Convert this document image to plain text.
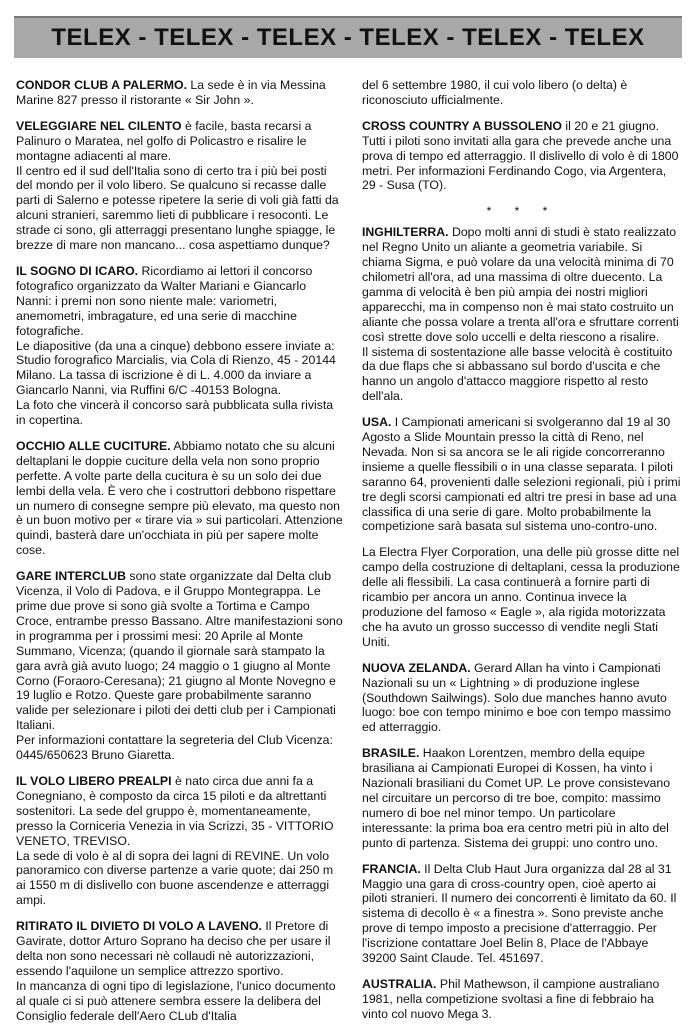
TELEX - TELEX - TELEX - TELEX - TELEX - TELEX

CONDOR CLUB A PALERMO. La sede è in via Messina Marine 827 presso il ristorante « Sir John ».

VELEGGIARE NEL CILENTO è facile, basta recarsi a Palinuro o Maratea, nel golfo di Policastro e risalire le montagne adiacenti al mare.

Il centro ed il sud dell'Italia sono di certo tra i più bei posti del mondo per il volo libero. Se qualcuno si recasse dalle parti di Salerno e potesse ripetere la serie di voli già fatti da alcuni stranieri, saremmo lieti di pubblicare i resoconti. Le strade ci sono, gli atterraggi presentano lunghe spiagge, le brezze di mare non mancano... cosa aspettiamo dunque?

IL SOGNO DI ICARO. Ricordiamo ai lettori il concorso fotografico organizzato da Walter Mariani e Giancarlo Nanni: i premi non sono niente male: variometri, anemometri, imbragature, ed una serie di macchine fotografiche.

Le diapositive (da una a cinque) debbono essere inviate a: Studio forografico Marcialis, via Cola di Rienzo, 45 - 20144 Milano. La tassa di iscrizione è di L. 4.000 da inviare a Giancarlo Nanni, via Ruffini 6/C -40153 Bologna.

La foto che vincerà il concorso sarà pubblicata sulla rivista in copertina.

OCCHIO ALLE CUCITURE. Abbiamo notato che su alcuni deltaplani le doppie cuciture della vela non sono proprio perfette. A volte parte della cucitura è su un solo dei due lembi della vela. È vero che i costruttori debbono rispettare un numero di consegne sempre più elevato, ma questo non è un buon motivo per « tirare via » sui particolari. Attenzione quindi, basterà dare un'occhiata in più per sapere molte cose.

GARE INTERCLUB sono state organizzate dal Delta club Vicenza, il Volo di Padova, e il Gruppo Montegrappa. Le prime due prove si sono già svolte a Tortima e Campo Croce, entrambe presso Bassano. Altre manifestazioni sono in programma per i prossimi mesi: 20 Aprile al Monte Summano, Vicenza; (quando il giornale sarà stampato la gara avrà già avuto luogo; 24 maggio o 1 giugno al Monte Corno (Foraoro-Ceresana); 21 giugno al Monte Novegno e 19 luglio e Rotzo. Queste gare probabilmente saranno valide per selezionare i piloti dei detti club per i Campionati Italiani.

Per informazioni contattare la segreteria del Club Vicenza: 0445/650623 Bruno Giaretta.

IL VOLO LIBERO PREALPI è nato circa due anni fa a Conegniano, è composto da circa 15 piloti e da altrettanti sostenitori. La sede del gruppo è, momentaneamente, presso la Corniceria Venezia in via Scrizzi, 35 - VITTORIO VENETO, TREVISO.

La sede di volo è al di sopra dei lagni di REVINE. Un volo panoramico con diverse partenze a varie quote; dai 250 m ai 1550 m di dislivello con buone ascendenze e atterraggi ampi.

RITIRATO IL DIVIETO DI VOLO A LAVENO. Il Pretore di Gavirate, dottor Arturo Soprano ha deciso che per usare il delta non sono necessari nè collaudi nè autorizzazioni, essendo l'aquilone un semplice attrezzo sportivo.

In mancanza di ogni tipo di legislazione, l'unico documento al quale ci si può attenere sembra essere la delibera del Consiglio federale dell'Aero CLub d'Italia

del 6 settembre 1980, il cui volo libero (o delta) è riconosciuto ufficialmente.

CROSS COUNTRY A BUSSOLENO il 20 e 21 giugno. Tutti i piloti sono invitati alla gara che prevede anche una prova di tempo ed atterraggio. Il dislivello di volo è di 1800 metri. Per informazioni Ferdinando Cogo, via Argentera, 29 - Susa (TO).

* * *

INGHILTERRA. Dopo molti anni di studi è stato realizzato nel Regno Unito un aliante a geometria variabile. Si chiama Sigma, e può volare da una velocità minima di 70 chilometri all'ora, ad una massima di oltre duecento. La gamma di velocità è ben più ampia dei nostri migliori apparecchi, ma in compenso non è mai stato costruito un aliante che possa volare a trenta all'ora e sfruttare correnti così strette dove solo uccelli e delta riescono a risalire.

Il sistema di sostentazione alle basse velocità è costituito da due flaps che si abbassano sul bordo d'uscita e che hanno un angolo d'attacco maggiore rispetto al resto dell'ala.

USA. I Campionati americani si svolgeranno dal 19 al 30 Agosto a Slide Mountain presso la città di Reno, nel Nevada. Non si sa ancora se le ali rigide concorreranno insieme a quelle flessibili o in una classe separata. I piloti saranno 64, provenienti dalle selezioni regionali, più i primi tre degli scorsi campionati ed altri tre presi in base ad una classifica di una serie di gare. Molto probabilmente la competizione sarà basata sul sistema uno-contro-uno.

La Electra Flyer Corporation, una delle più grosse ditte nel campo della costruzione di deltaplani, cessa la produzione delle ali flessibili. La casa continuerà a fornire parti di ricambio per ancora un anno. Continua invece la produzione del famoso « Eagle », ala rigida motorizzata che ha avuto un grosso successo di vendite negli Stati Uniti.

NUOVA ZELANDA. Gerard Allan ha vinto i Campionati Nazionali su un « Lightning » di produzione inglese (Southdown Sailwings). Solo due manches hanno avuto luogo: boe con tempo minimo e boe con tempo massimo ed atterraggio.

BRASILE. Haakon Lorentzen, membro della equipe brasiliana ai Campionati Europei di Kossen, ha vinto i Nazionali brasiliani du Comet UP. Le prove consistevano nel circuitare un percorso di tre boe, compito: massimo numero di boe nel minor tempo. Un particolare interessante: la prima boa era centro metri più in alto del punto di partenza. Sistema dei gruppi: uno contro uno.

FRANCIA. Il Delta Club Haut Jura organizza dal 28 al 31 Maggio una gara di cross-country open, cioè aperto ai piloti stranieri. Il numero dei concorrenti è limitato da 60. Il sistema di decollo è « a finestra ». Sono previste anche prove di tempo imposto a precisione d'atterraggio. Per l'iscrizione contattare Joel Belin 8, Place de l'Abbaye 39200 Saint Claude. Tel. 451697.

AUSTRALIA. Phil Mathewson, il campione australiano 1981, nella competizione svoltasi a fine di febbraio ha vinto col nuovo Mega 3.
